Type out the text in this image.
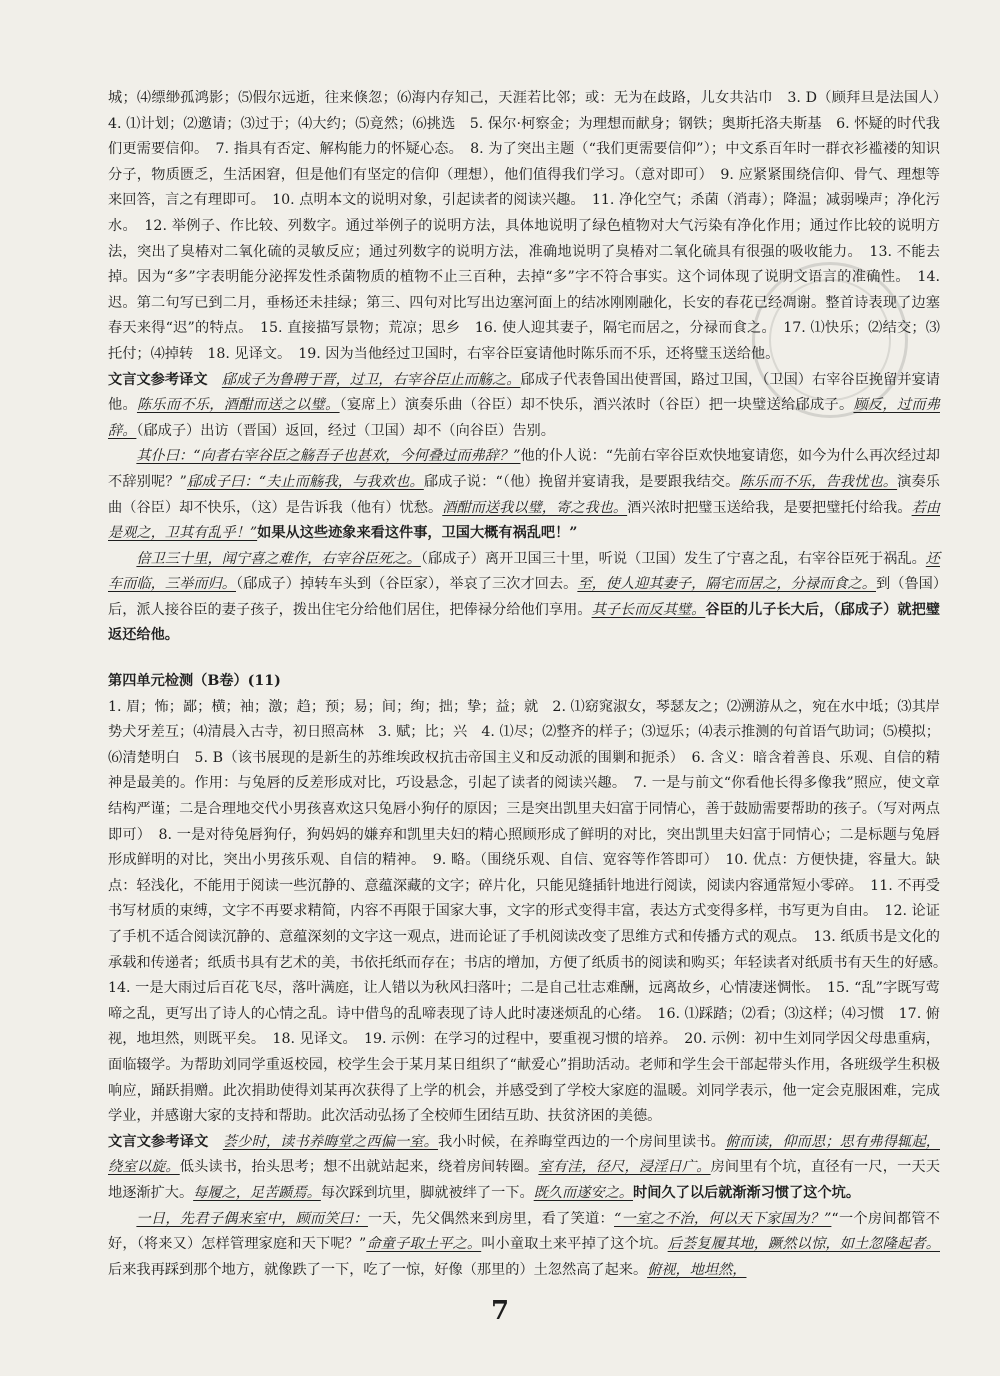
城；⑷缥缈孤鸿影；⑸假尔远逝，往来倏忽；⑹海内存知己，天涯若比邻；或：无为在歧路，儿女共沾巾　3. D（顾拜旦是法国人）　4. ⑴计划；⑵邀请；⑶过于；⑷大约；⑸竟然；⑹挑选　5. 保尔·柯察金；为理想而献身；钢铁；奥斯托洛夫斯基　6. 怀疑的时代我们更需要信仰。　7. 指具有否定、解构能力的怀疑心态。　8. 为了突出主题（“我们更需要信仰”）；中文系百年时一群衣衫褴褛的知识分子，物质匮乏，生活困窘，但是他们有坚定的信仰（理想），他们值得我们学习。（意对即可）　9. 应紧紧围绕信仰、骨气、理想等来回答，言之有理即可。　10. 点明本文的说明对象，引起读者的阅读兴趣。　11. 净化空气；杀菌（消毒）；降温；减弱噪声；净化污水。　12. 举例子、作比较、列数字。通过举例子的说明方法，具体地说明了绿色植物对大气污染有净化作用；通过作比较的说明方法，突出了臭椿对二氧化硫的灵敏反应；通过列数字的说明方法，准确地说明了臭椿对二氧化硫具有很强的吸收能力。　13. 不能去掉。因为“多”字表明能分泌挥发性杀菌物质的植物不止三百种，去掉“多”字不符合事实。这个词体现了说明文语言的准确性。　14. 迟。第二句写已到二月，垂杨还未挂绿；第三、四句对比写出边塞河面上的结冰刚刚融化，长安的春花已经凋谢。整首诗表现了边塞春天来得“迟”的特点。　15. 直接描写景物；荒凉；思乡　16. 使人迎其妻子，隔宅而居之，分禄而食之。　17. ⑴快乐；⑵结交；⑶托付；⑷掉转　18. 见译文。　19. 因为当他经过卫国时，右宰谷臣宴请他时陈乐而不乐，还将璧玉送给他。

文言文参考译文　 郈成子为鲁聘于晋，过卫，右宰谷臣止而觞之。郈成子代表鲁国出使晋国，路过卫国，（卫国）右宰谷臣挽留并宴请他。陈乐而不乐，酒酣而送之以璧。（宴席上）演奏乐曲（谷臣）却不快乐，酒兴浓时（谷臣）把一块璧送给郈成子。顾反，过而弗辞。（郈成子）出访（晋国）返回，经过（卫国）却不（向谷臣）告别。

其仆曰：“向者右宰谷臣之觞吾子也甚欢，今何叠过而弗辞？”他的仆人说：“先前右宰谷臣欢快地宴请您，如今为什么再次经过却不辞别呢？”郈成子曰：“夫止而觞我，与我欢也。郈成子说：“（他）挽留并宴请我，是要跟我结交。陈乐而不乐，告我忧也。演奏乐曲（谷臣）却不快乐，（这）是告诉我（他有）忧愁。酒酣而送我以璧，寄之我也。酒兴浓时把璧玉送给我，是要把璧托付给我。若由是观之，卫其有乱乎！”如果从这些迹象来看这件事，卫国大概有祸乱吧！”

倍卫三十里，闻宁喜之难作，右宰谷臣死之。（郈成子）离开卫国三十里，听说（卫国）发生了宁喜之乱，右宰谷臣死于祸乱。还车而临，三举而归。（郈成子）掉转车头到（谷臣家），举哀了三次才回去。至，使人迎其妻子，隔宅而居之，分禄而食之。到（鲁国）后，派人接谷臣的妻子孩子，拨出住宅分给他们居住，把俸禄分给他们享用。其子长而反其璧。谷臣的儿子长大后，（郈成子）就把璧返还给他。

第四单元检测（B卷）(11)

1. 眉；怖；鄙；横；袖；激；趋；预；易；间；绚；拙；挚；益；就　2. ⑴窈窕淑女，琴瑟友之；⑵溯游从之，宛在水中坻；⑶其岸势犬牙差互；⑷清晨入古寺，初日照高林　3. 赋；比；兴　4. ⑴尽；⑵整齐的样子；⑶逗乐；⑷表示推测的句首语气助词；⑸模拟；⑹清楚明白　5. B（该书展现的是新生的苏维埃政权抗击帝国主义和反动派的围剿和扼杀）　6. 含义：暗含着善良、乐观、自信的精神是最美的。作用：与兔唇的反差形成对比，巧设悬念，引起了读者的阅读兴趣。　7. 一是与前文“你看他长得多像我”照应，使文章结构严谨；二是合理地交代小男孩喜欢这只兔唇小狗仔的原因；三是突出凯里夫妇富于同情心，善于鼓励需要帮助的孩子。（写对两点即可）　8. 一是对待兔唇狗仔，狗妈妈的嫌弃和凯里夫妇的精心照顾形成了鲜明的对比，突出凯里夫妇富于同情心；二是标题与兔唇形成鲜明的对比，突出小男孩乐观、自信的精神。　9. 略。（围绕乐观、自信、宽容等作答即可）　10. 优点：方便快捷，容量大。缺点：轻浅化，不能用于阅读一些沉静的、意蕴深藏的文字；碎片化，只能见缝插针地进行阅读，阅读内容通常短小零碎。　11. 不再受书写材质的束缚，文字不再要求精简，内容不再限于国家大事，文字的形式变得丰富，表达方式变得多样，书写更为自由。　12. 论证了手机不适合阅读沉静的、意蕴深刻的文字这一观点，进而论证了手机阅读改变了思维方式和传播方式的观点。　13. 纸质书是文化的承载和传递者；纸质书具有艺术的美，书依托纸而存在；书店的增加，方便了纸质书的阅读和购买；年轻读者对纸质书有天生的好感。　14. 一是大雨过后百花飞尽，落叶满庭，让人错以为秋风扫落叶；二是自己壮志难酬，远离故乡，心情凄迷惆怅。　15. “乱”字既写莺啼之乱，更写出了诗人的心情之乱。诗中借鸟的乱啼表现了诗人此时凄迷烦乱的心绪。　16. ⑴踩踏；⑵看；⑶这样；⑷习惯　17. 俯视，地坦然，则既平矣。　18. 见译文。　19. 示例：在学习的过程中，要重视习惯的培养。　20. 示例：初中生刘同学因父母患重病，面临辍学。为帮助刘同学重返校园，校学生会于某月某日组织了“献爱心”捐助活动。老师和学生会干部起带头作用，各班级学生积极响应，踊跃捐赠。此次捐助使得刘某再次获得了上学的机会，并感受到了学校大家庭的温暖。刘同学表示，他一定会克服困难，完成学业，并感谢大家的支持和帮助。此次活动弘扬了全校师生团结互助、扶贫济困的美德。

文言文参考译文　 荟少时，读书养晦堂之西偏一室。我小时候，在养晦堂西边的一个房间里读书。俯而读，仰而思；思有弗得辄起，绕室以旋。低头读书，抬头思考；想不出就站起来，绕着房间转圈。室有洼，径尺，浸淫日广。房间里有个坑，直径有一尺，一天天地逐渐扩大。每履之，足苦踬焉。每次踩到坑里，脚就被绊了一下。既久而遂安之。时间久了以后就渐渐习惯了这个坑。

一日，先君子偶来室中，顾而笑曰：一天，先父偶然来到房里，看了笑道：“一室之不治，何以天下家国为？”“一个房间都管不好，（将来又）怎样管理家庭和天下呢？”命童子取土平之。叫小童取土来平掉了这个坑。后荟复履其地，蹶然以惊，如土忽隆起者。后来我再踩到那个地方，就像跌了一下，吃了一惊，好像（那里的）土忽然高了起来。俯视，地坦然，

7
